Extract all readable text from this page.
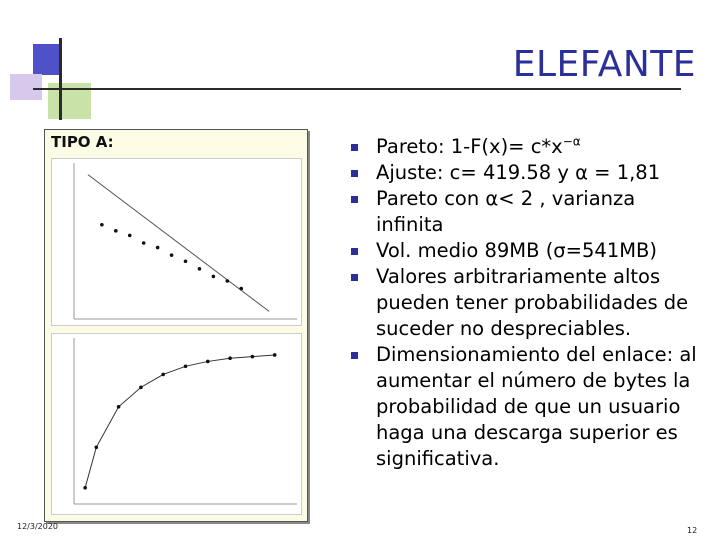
ELEFANTE
TIPO A:	Pareto: $1-F(x)= c*x^{-\alpha}$
Ajuste: c= 419.58 y α = 1,81
Pareto con α< 2 , varianza infinita
Vol. medio 89MB (σ=541MB)
Valores arbitrariamente altos pueden tener probabilidades de suceder no despreciables.
Dimensionamiento del enlace: al aumentar el número de bytes la probabilidad de que un usuario haga una descarga superior es significativa.
12/3/2020	12
